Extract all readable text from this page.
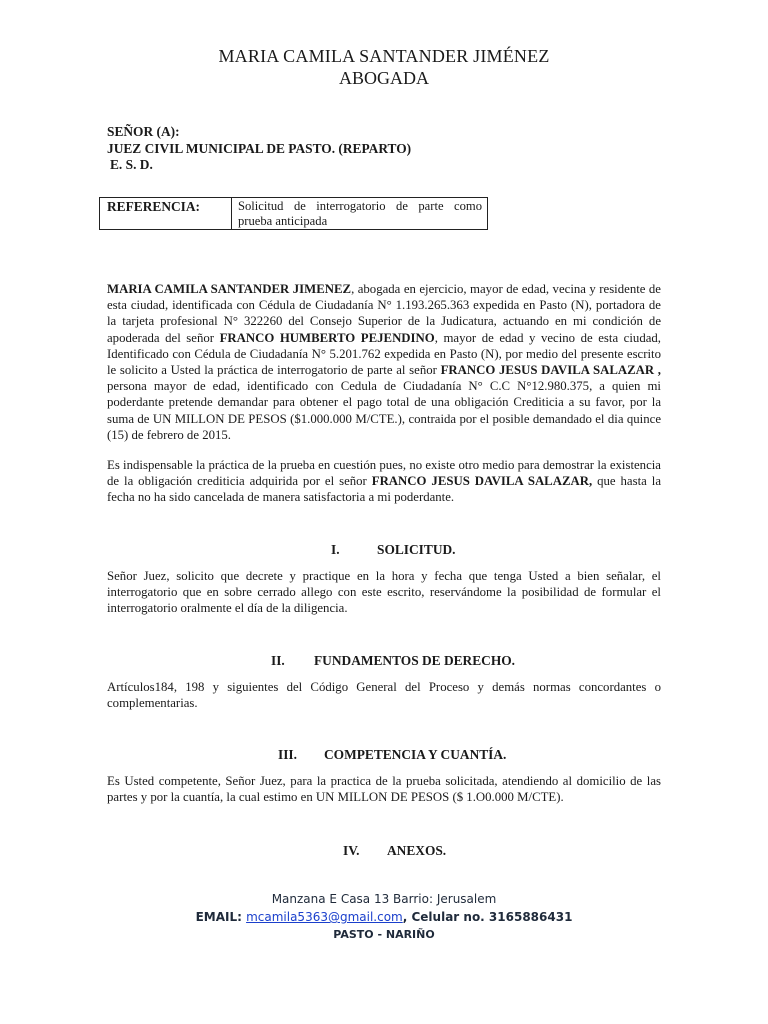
MARIA CAMILA SANTANDER JIMÉNEZ
ABOGADA
SEÑOR (A):
JUEZ CIVIL MUNICIPAL DE PASTO. (REPARTO)
E. S. D.
REFERENCIA:	Solicitud de interrogatorio de parte como prueba anticipada
MARIA CAMILA SANTANDER JIMENEZ, abogada en ejercicio, mayor de edad, vecina y residente de esta ciudad, identificada con Cédula de Ciudadanía N° 1.193.265.363 expedida en Pasto (N), portadora de la tarjeta profesional N° 322260 del Consejo Superior de la Judicatura, actuando en mi condición de apoderada del señor FRANCO HUMBERTO PEJENDINO, mayor de edad y vecino de esta ciudad, Identificado con Cédula de Ciudadanía N° 5.201.762 expedida en Pasto (N), por medio del presente escrito le solicito a Usted la práctica de interrogatorio de parte al señor FRANCO JESUS DAVILA SALAZAR , persona mayor de edad, identificado con Cedula de Ciudadanía N° C.C N°12.980.375, a quien mi poderdante pretende demandar para obtener el pago total de una obligación Crediticia a su favor, por la suma de UN MILLON DE PESOS ($1.000.000 M/CTE.), contraida por el posible demandado el dia quince (15) de febrero de 2015.
Es indispensable la práctica de la prueba en cuestión pues, no existe otro medio para demostrar la existencia de la obligación crediticia adquirida por el señor FRANCO JESUS DAVILA SALAZAR, que hasta la fecha no ha sido cancelada de manera satisfactoria a mi poderdante.
I.	SOLICITUD.
Señor Juez, solicito que decrete y practique en la hora y fecha que tenga Usted a bien señalar, el interrogatorio que en sobre cerrado allego con este escrito, reservándome la posibilidad de formular el interrogatorio oralmente el día de la diligencia.
II. FUNDAMENTOS DE DERECHO.
Artículos184, 198 y siguientes del Código General del Proceso y demás normas concordantes o complementarias.
III. COMPETENCIA Y CUANTÍA.
Es Usted competente, Señor Juez, para la practica de la prueba solicitada, atendiendo al domicilio de las partes y por la cuantía, la cual estimo en UN MILLON DE PESOS ($ 1.O0.000 M/CTE).
IV. ANEXOS.
Manzana E Casa 13 Barrio: Jerusalem
EMAIL: mcamila5363@gmail.com, Celular no. 3165886431
PASTO - NARIÑO
